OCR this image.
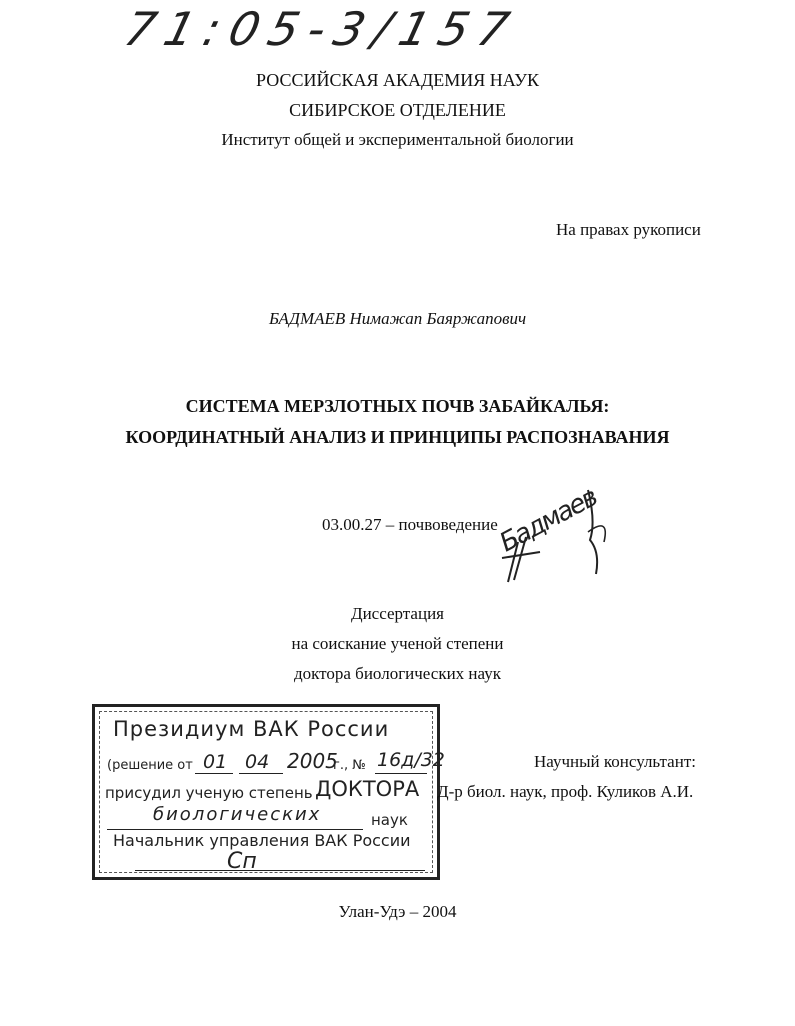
71:05-3/157
РОССИЙСКАЯ АКАДЕМИЯ НАУК
СИБИРСКОЕ ОТДЕЛЕНИЕ
Институт общей и экспериментальной биологии
На правах рукописи
БАДМАЕВ Нимажап Баяржапович
СИСТЕМА МЕРЗЛОТНЫХ ПОЧВ ЗАБАЙКАЛЬЯ:
КООРДИНАТНЫЙ АНАЛИЗ И ПРИНЦИПЫ РАСПОЗНАВАНИЯ
03.00.27 – почвоведение
Бадмаев
Диссертация
на соискание ученой степени
доктора биологических наук
Президиум ВАК России
(решение от 01 04 2005
г., № 16д/32
присудил ученую степень ДОКТОРА
биологических	наук
Начальник управления ВАК России
Сп
Научный консультант:
Д-р биол. наук, проф. Куликов А.И.
Улан-Удэ – 2004
